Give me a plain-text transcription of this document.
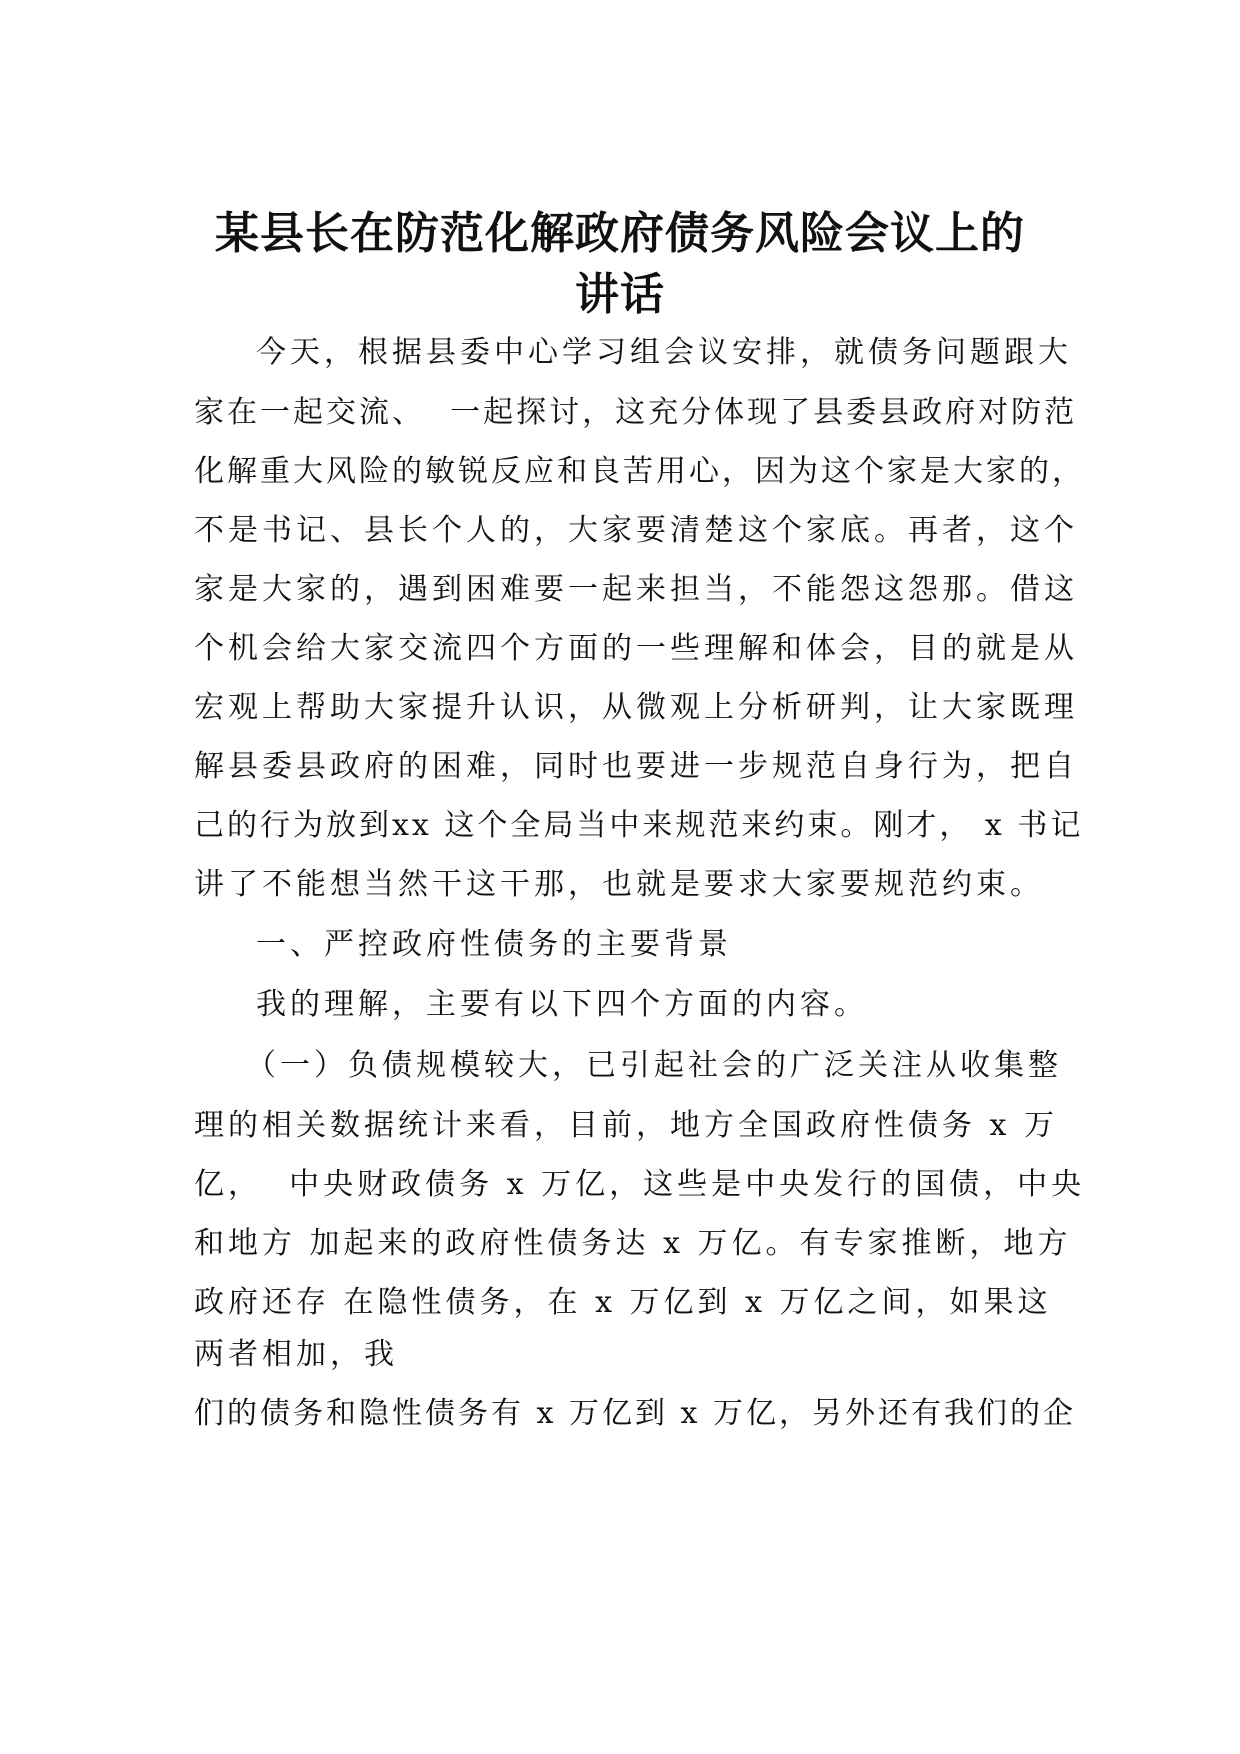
某县长在防范化解政府债务风险会议上的
讲话

今天，根据县委中心学习组会议安排，就债务问题跟大

家在一起交流、  一起探讨，这充分体现了县委县政府对防范

化解重大风险的敏锐反应和良苦用心，因为这个家是大家的，

不是书记、县长个人的，大家要清楚这个家底。再者，这个

家是大家的，遇到困难要一起来担当，不能怨这怨那。借这

个机会给大家交流四个方面的一些理解和体会，目的就是从

宏观上帮助大家提升认识，从微观上分析研判，让大家既理

解县委县政府的困难，同时也要进一步规范自身行为，把自

己的行为放到xx 这个全局当中来规范来约束。刚才， x 书记

讲了不能想当然干这干那，也就是要求大家要规范约束。

一、严控政府性债务的主要背景

我的理解，主要有以下四个方面的内容。

（一）负债规模较大，已引起社会的广泛关注从收集整

理的相关数据统计来看，目前，地方全国政府性债务 x 万

亿，  中央财政债务 x 万亿，这些是中央发行的国债，中央

和地方 加起来的政府性债务达 x 万亿。有专家推断，地方

政府还存 在隐性债务，在 x 万亿到 x 万亿之间，如果这

两者相加，我

们的债务和隐性债务有 x 万亿到 x 万亿，另外还有我们的企
